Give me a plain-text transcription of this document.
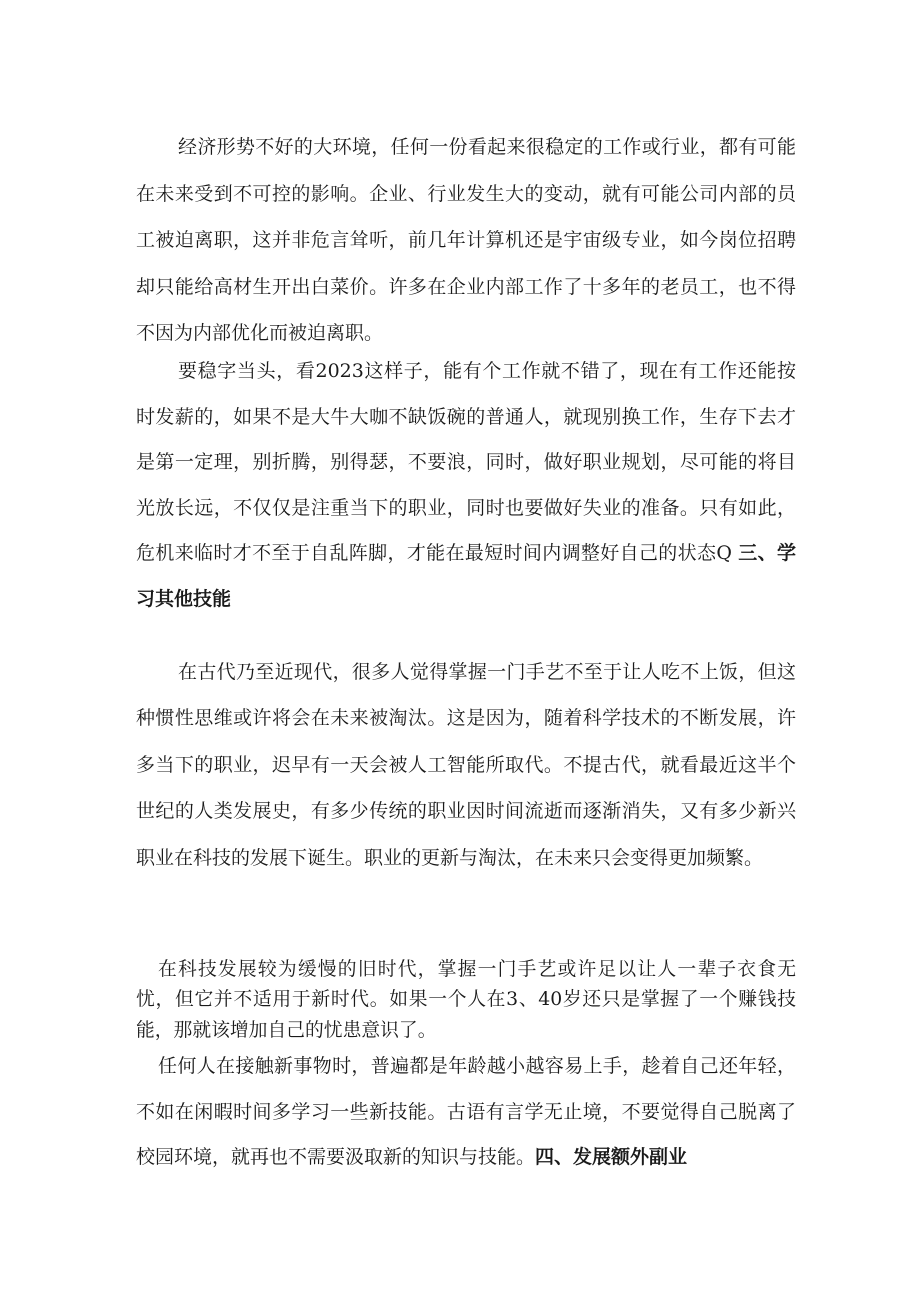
经济形势不好的大环境，任何一份看起来很稳定的工作或行业，都有可能在未来受到不可控的影响。企业、行业发生大的变动，就有可能公司内部的员工被迫离职，这并非危言耸听，前几年计算机还是宇宙级专业，如今岗位招聘却只能给高材生开出白菜价。许多在企业内部工作了十多年的老员工，也不得不因为内部优化而被迫离职。

要稳字当头，看2023这样子，能有个工作就不错了，现在有工作还能按时发薪的，如果不是大牛大咖不缺饭碗的普通人，就现别换工作，生存下去才是第一定理，别折腾，别得瑟，不要浪，同时，做好职业规划，尽可能的将目光放长远，不仅仅是注重当下的职业，同时也要做好失业的准备。只有如此，危机来临时才不至于自乱阵脚，才能在最短时间内调整好自己的状态Q 三、学习其他技能

在古代乃至近现代，很多人觉得掌握一门手艺不至于让人吃不上饭，但这种惯性思维或许将会在未来被淘汰。这是因为，随着科学技术的不断发展，许多当下的职业，迟早有一天会被人工智能所取代。不提古代，就看最近这半个世纪的人类发展史，有多少传统的职业因时间流逝而逐渐消失，又有多少新兴职业在科技的发展下诞生。职业的更新与淘汰，在未来只会变得更加频繁。

在科技发展较为缓慢的旧时代，掌握一门手艺或许足以让人一辈子衣食无忧，但它并不适用于新时代。如果一个人在3、40岁还只是掌握了一个赚钱技能，那就该增加自己的忧患意识了。

任何人在接触新事物时，普遍都是年龄越小越容易上手，趁着自己还年轻，不如在闲暇时间多学习一些新技能。古语有言学无止境，不要觉得自己脱离了校园环境，就再也不需要汲取新的知识与技能。四、发展额外副业
